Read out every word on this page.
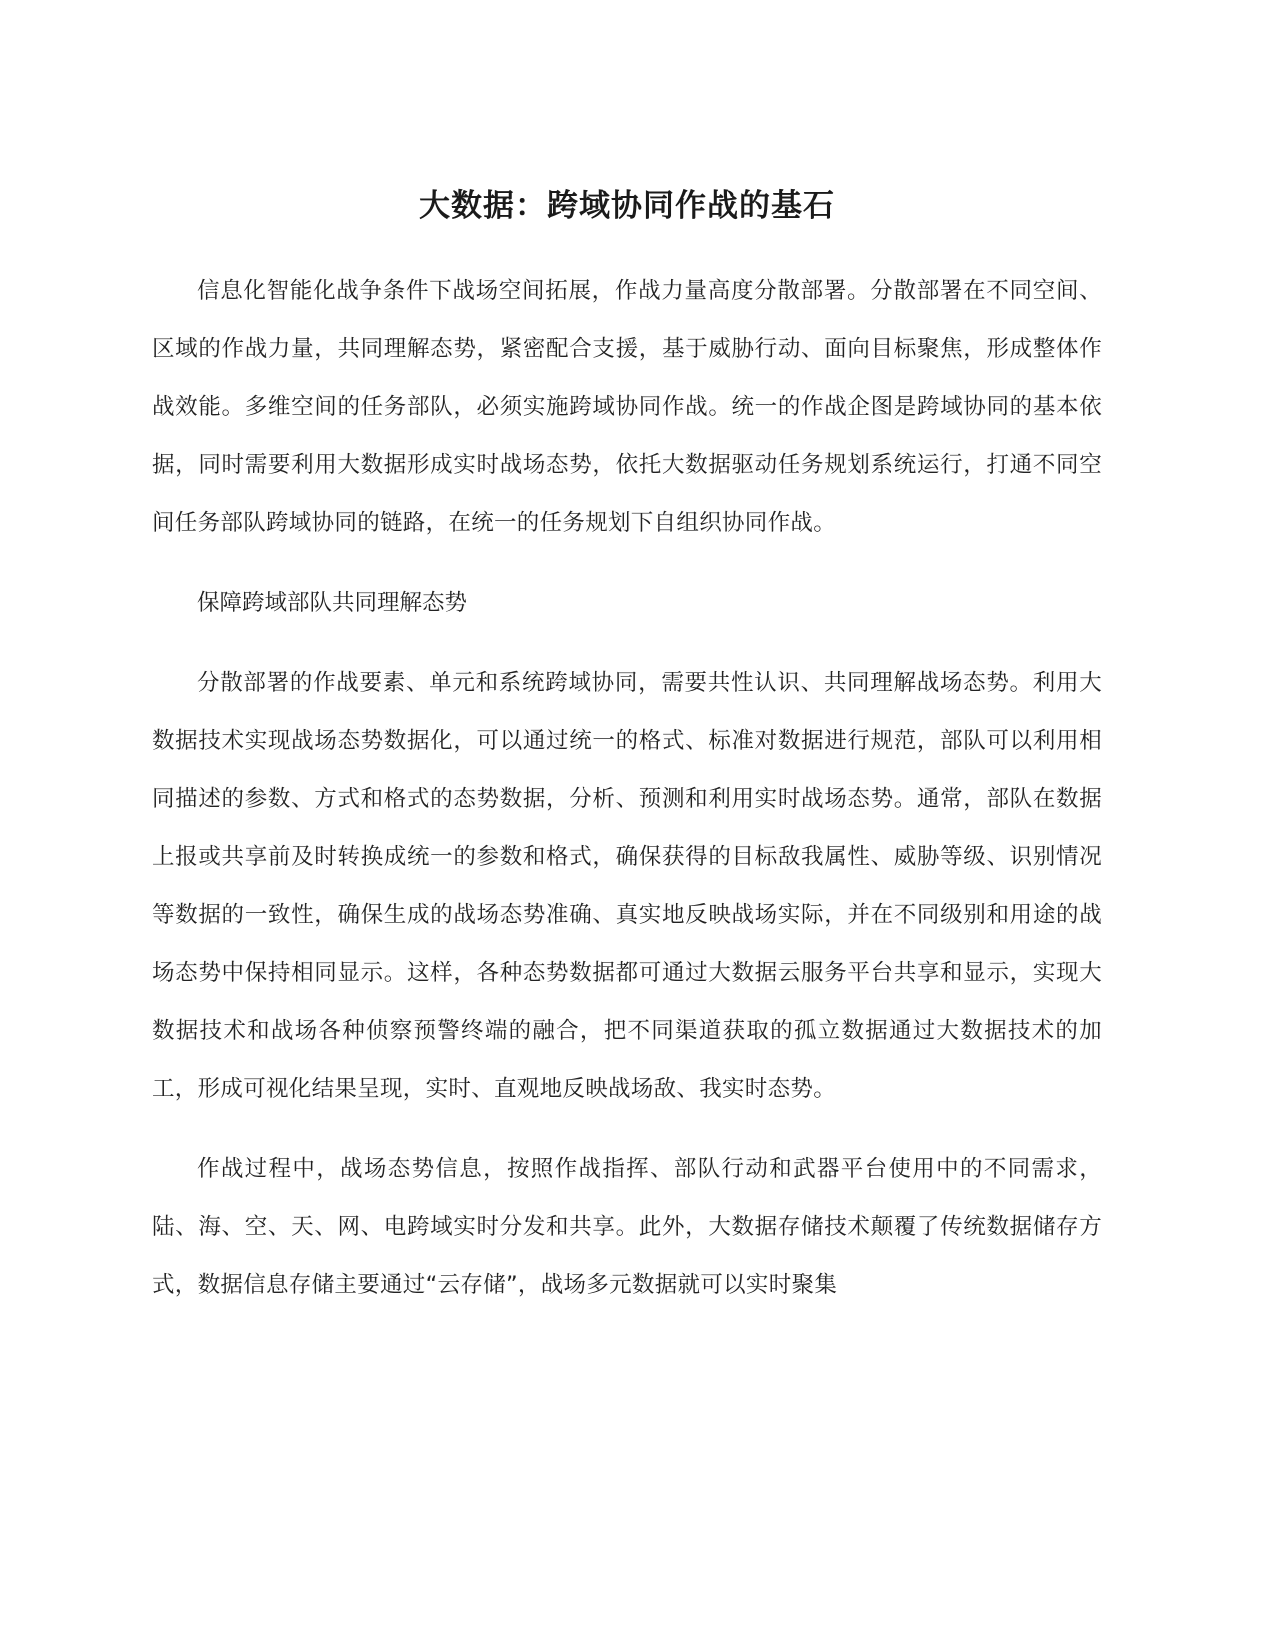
大数据：跨域协同作战的基石

信息化智能化战争条件下战场空间拓展，作战力量高度分散部署。分散部署在不同空间、区域的作战力量，共同理解态势，紧密配合支援，基于威胁行动、面向目标聚焦，形成整体作战效能。多维空间的任务部队，必须实施跨域协同作战。统一的作战企图是跨域协同的基本依据，同时需要利用大数据形成实时战场态势，依托大数据驱动任务规划系统运行，打通不同空间任务部队跨域协同的链路，在统一的任务规划下自组织协同作战。

保障跨域部队共同理解态势

分散部署的作战要素、单元和系统跨域协同，需要共性认识、共同理解战场态势。利用大数据技术实现战场态势数据化，可以通过统一的格式、标准对数据进行规范，部队可以利用相同描述的参数、方式和格式的态势数据，分析、预测和利用实时战场态势。通常，部队在数据上报或共享前及时转换成统一的参数和格式，确保获得的目标敌我属性、威胁等级、识别情况等数据的一致性，确保生成的战场态势准确、真实地反映战场实际，并在不同级别和用途的战场态势中保持相同显示。这样，各种态势数据都可通过大数据云服务平台共享和显示，实现大数据技术和战场各种侦察预警终端的融合，把不同渠道获取的孤立数据通过大数据技术的加工，形成可视化结果呈现，实时、直观地反映战场敌、我实时态势。

作战过程中，战场态势信息，按照作战指挥、部队行动和武器平台使用中的不同需求，陆、海、空、天、网、电跨域实时分发和共享。此外，大数据存储技术颠覆了传统数据储存方式，数据信息存储主要通过“云存储”，战场多元数据就可以实时聚集
